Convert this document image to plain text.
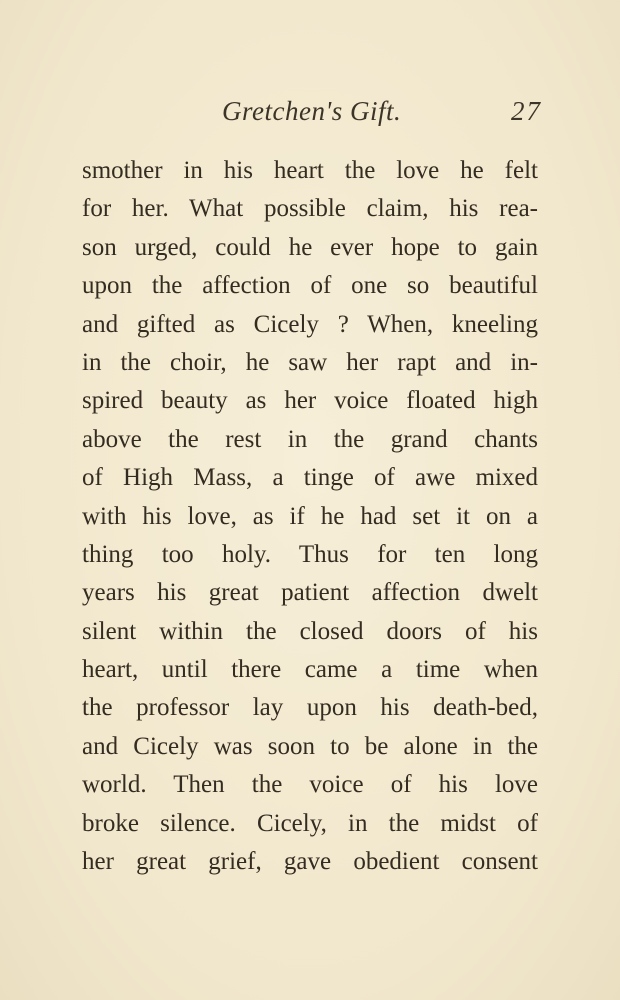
Gretchen's Gift.	27
smother in his heart the love he felt
for her. What possible claim, his rea-
son urged, could he ever hope to gain
upon the affection of one so beautiful
and gifted as Cicely ? When, kneeling
in the choir, he saw her rapt and in-
spired beauty as her voice floated high
above the rest in the grand chants
of High Mass, a tinge of awe mixed
with his love, as if he had set it on a
thing too holy. Thus for ten long
years his great patient affection dwelt
silent within the closed doors of his
heart, until there came a time when
the professor lay upon his death-bed,
and Cicely was soon to be alone in the
world. Then the voice of his love
broke silence. Cicely, in the midst of
her great grief, gave obedient consent
